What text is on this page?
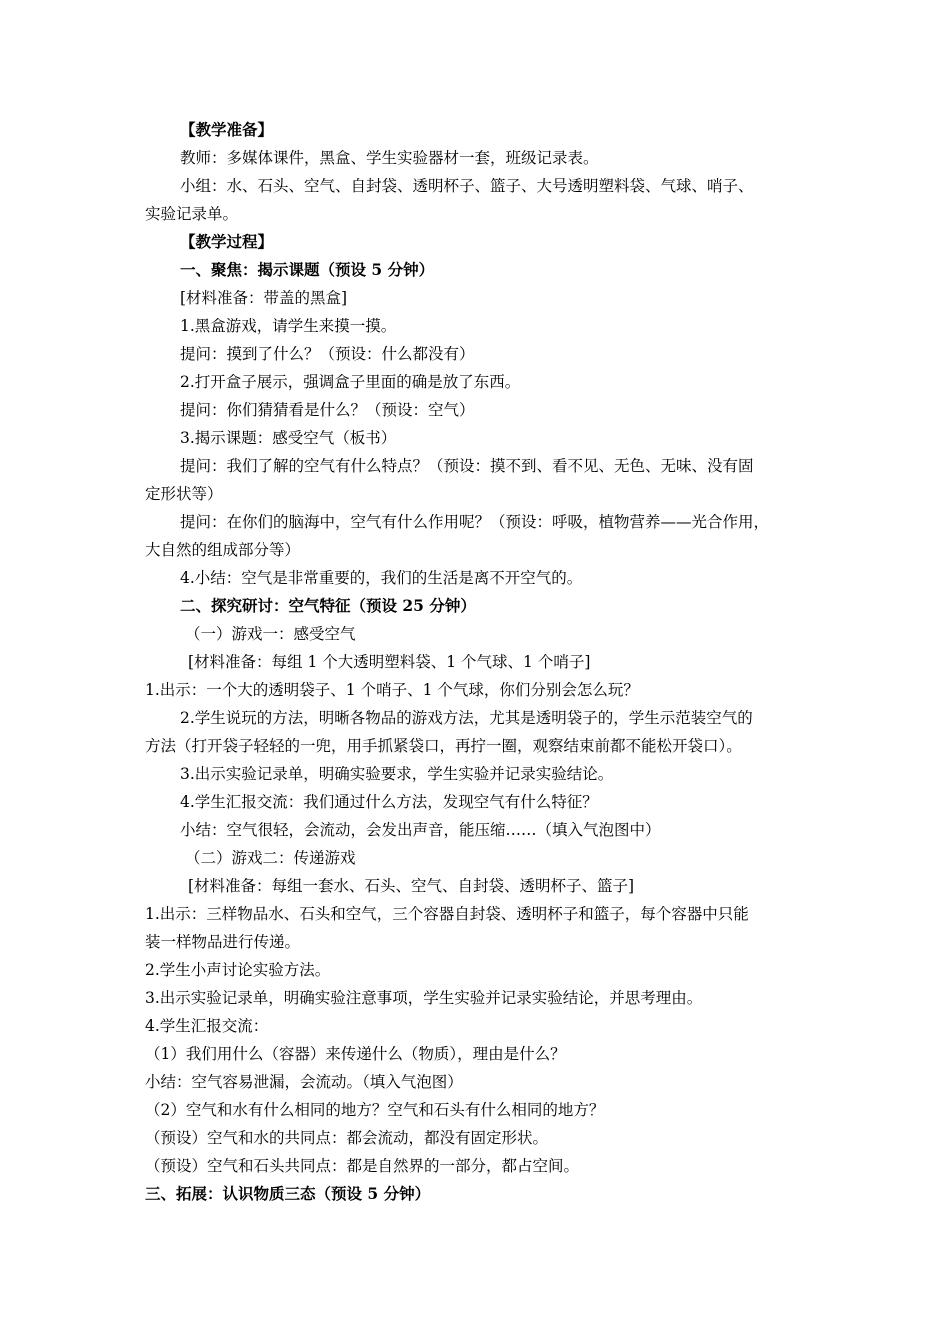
【教学准备】
教师：多媒体课件，黑盒、学生实验器材一套，班级记录表。
小组：水、石头、空气、自封袋、透明杯子、篮子、大号透明塑料袋、气球、哨子、
实验记录单。
【教学过程】
一、聚焦：揭示课题（预设 5 分钟）
[材料准备：带盖的黑盒]
1.黑盒游戏，请学生来摸一摸。
提问：摸到了什么？（预设：什么都没有）
2.打开盒子展示，强调盒子里面的确是放了东西。
提问：你们猜猜看是什么？（预设：空气）
3.揭示课题：感受空气（板书）
提问：我们了解的空气有什么特点？（预设：摸不到、看不见、无色、无味、没有固
定形状等）
提问：在你们的脑海中，空气有什么作用呢？（预设：呼吸，植物营养——光合作用，
大自然的组成部分等）
4.小结：空气是非常重要的，我们的生活是离不开空气的。
二、探究研讨：空气特征（预设 25 分钟）
（一）游戏一：感受空气
[材料准备：每组 1 个大透明塑料袋、1 个气球、1 个哨子]
1.出示：一个大的透明袋子、1 个哨子、1 个气球，你们分别会怎么玩？
2.学生说玩的方法，明晰各物品的游戏方法，尤其是透明袋子的，学生示范装空气的
方法（打开袋子轻轻的一兜，用手抓紧袋口，再拧一圈，观察结束前都不能松开袋口）。
3.出示实验记录单，明确实验要求，学生实验并记录实验结论。
4.学生汇报交流：我们通过什么方法，发现空气有什么特征？
小结：空气很轻，会流动，会发出声音，能压缩……（填入气泡图中）
（二）游戏二：传递游戏
[材料准备：每组一套水、石头、空气、自封袋、透明杯子、篮子]
1.出示：三样物品水、石头和空气，三个容器自封袋、透明杯子和篮子，每个容器中只能
装一样物品进行传递。
2.学生小声讨论实验方法。
3.出示实验记录单，明确实验注意事项，学生实验并记录实验结论，并思考理由。
4.学生汇报交流：
（1）我们用什么（容器）来传递什么（物质），理由是什么？
小结：空气容易泄漏，会流动。（填入气泡图）
（2）空气和水有什么相同的地方？空气和石头有什么相同的地方？
（预设）空气和水的共同点：都会流动，都没有固定形状。
（预设）空气和石头共同点：都是自然界的一部分，都占空间。
三、拓展：认识物质三态（预设 5 分钟）
